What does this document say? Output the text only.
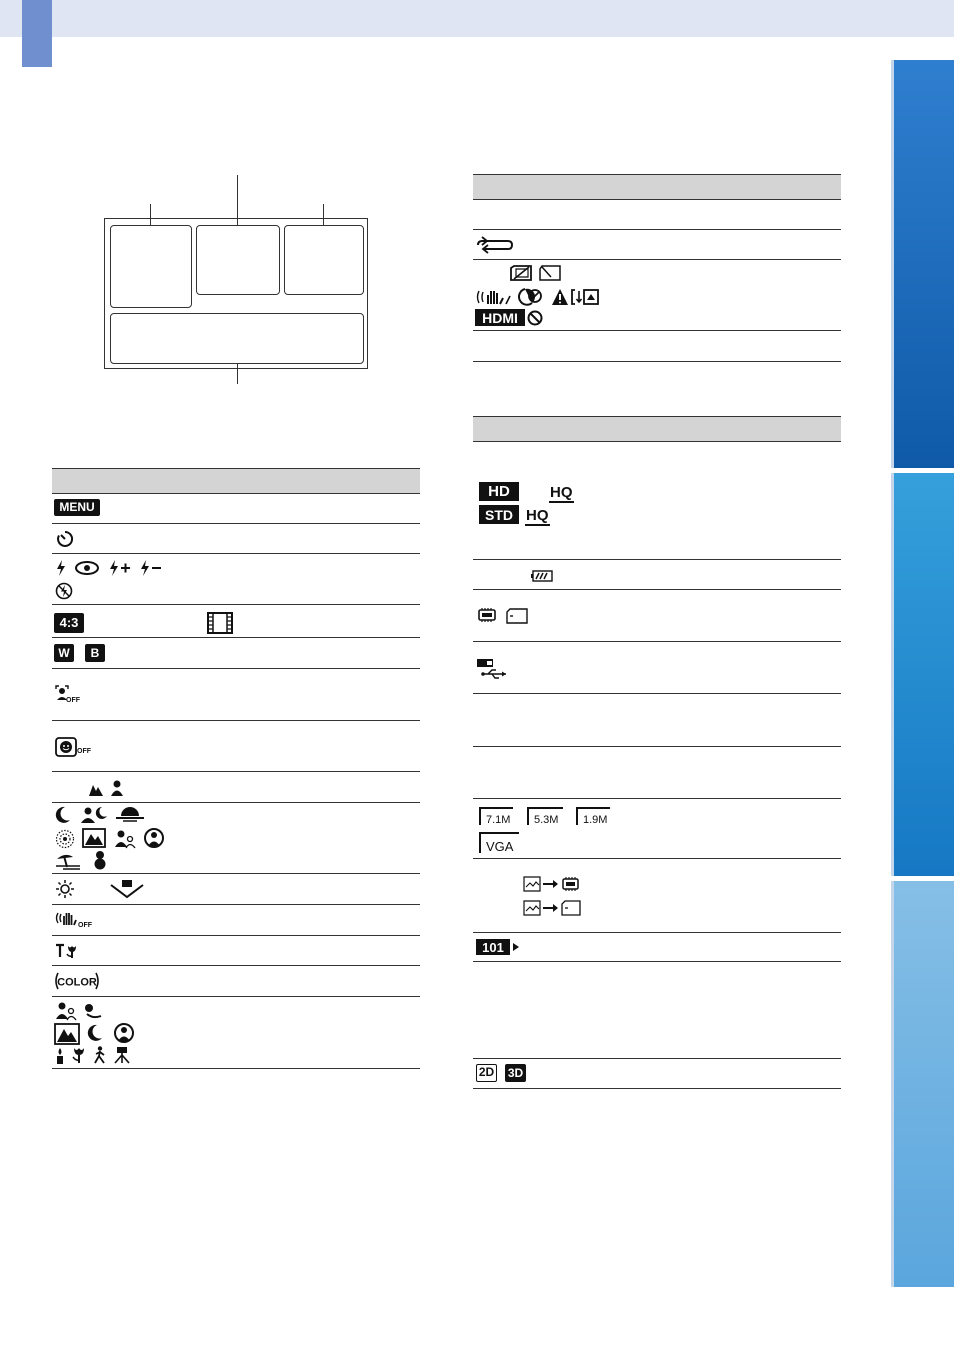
MENU
4:3
W	B
OFF
OFF
OFF
COLOR
HDMI
HD	HQ
STD HQ
7.1M 5.3M 1.9M
VGA
101
2D 3D
